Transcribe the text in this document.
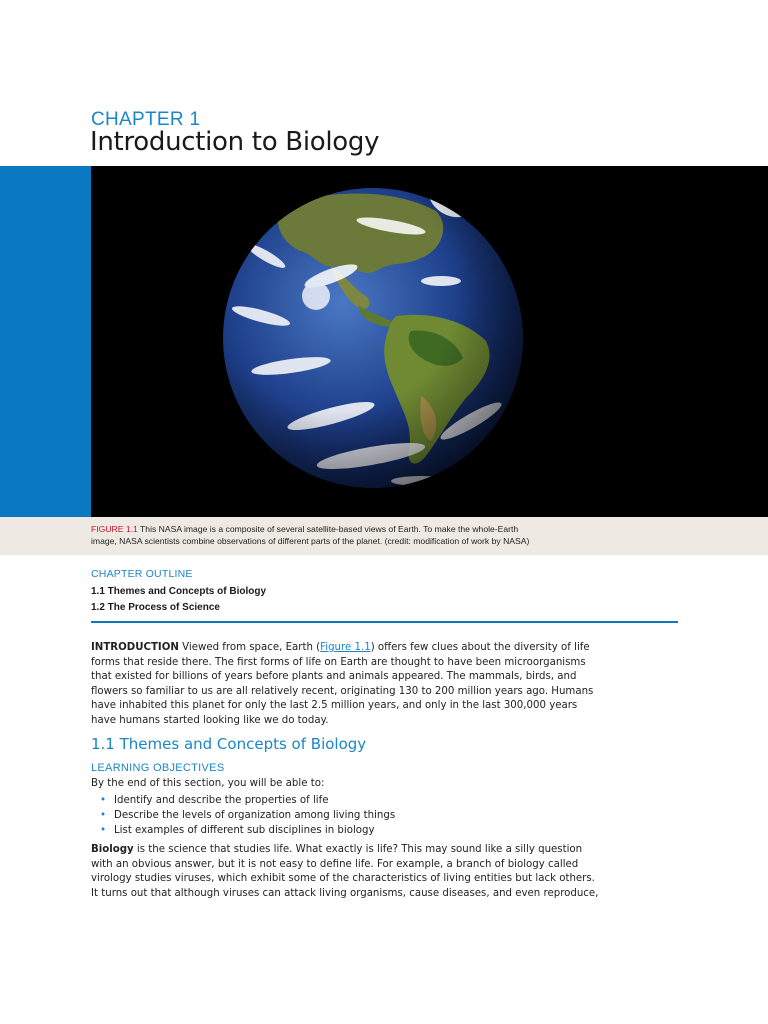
CHAPTER 1
Introduction to Biology
FIGURE 1.1 This NASA image is a composite of several satellite-based views of Earth. To make the whole-Earth
image, NASA scientists combine observations of different parts of the planet. (credit: modification of work by NASA)
CHAPTER OUTLINE
1.1 Themes and Concepts of Biology
1.2 The Process of Science
INTRODUCTION Viewed from space, Earth (Figure 1.1) offers few clues about the diversity of life
forms that reside there. The first forms of life on Earth are thought to have been microorganisms
that existed for billions of years before plants and animals appeared. The mammals, birds, and
flowers so familiar to us are all relatively recent, originating 130 to 200 million years ago. Humans
have inhabited this planet for only the last 2.5 million years, and only in the last 300,000 years
have humans started looking like we do today.
1.1 Themes and Concepts of Biology
LEARNING OBJECTIVES
By the end of this section, you will be able to:
• Identify and describe the properties of life
• Describe the levels of organization among living things
• List examples of different sub disciplines in biology
Biology is the science that studies life. What exactly is life? This may sound like a silly question
with an obvious answer, but it is not easy to define life. For example, a branch of biology called
virology studies viruses, which exhibit some of the characteristics of living entities but lack others.
It turns out that although viruses can attack living organisms, cause diseases, and even reproduce,
